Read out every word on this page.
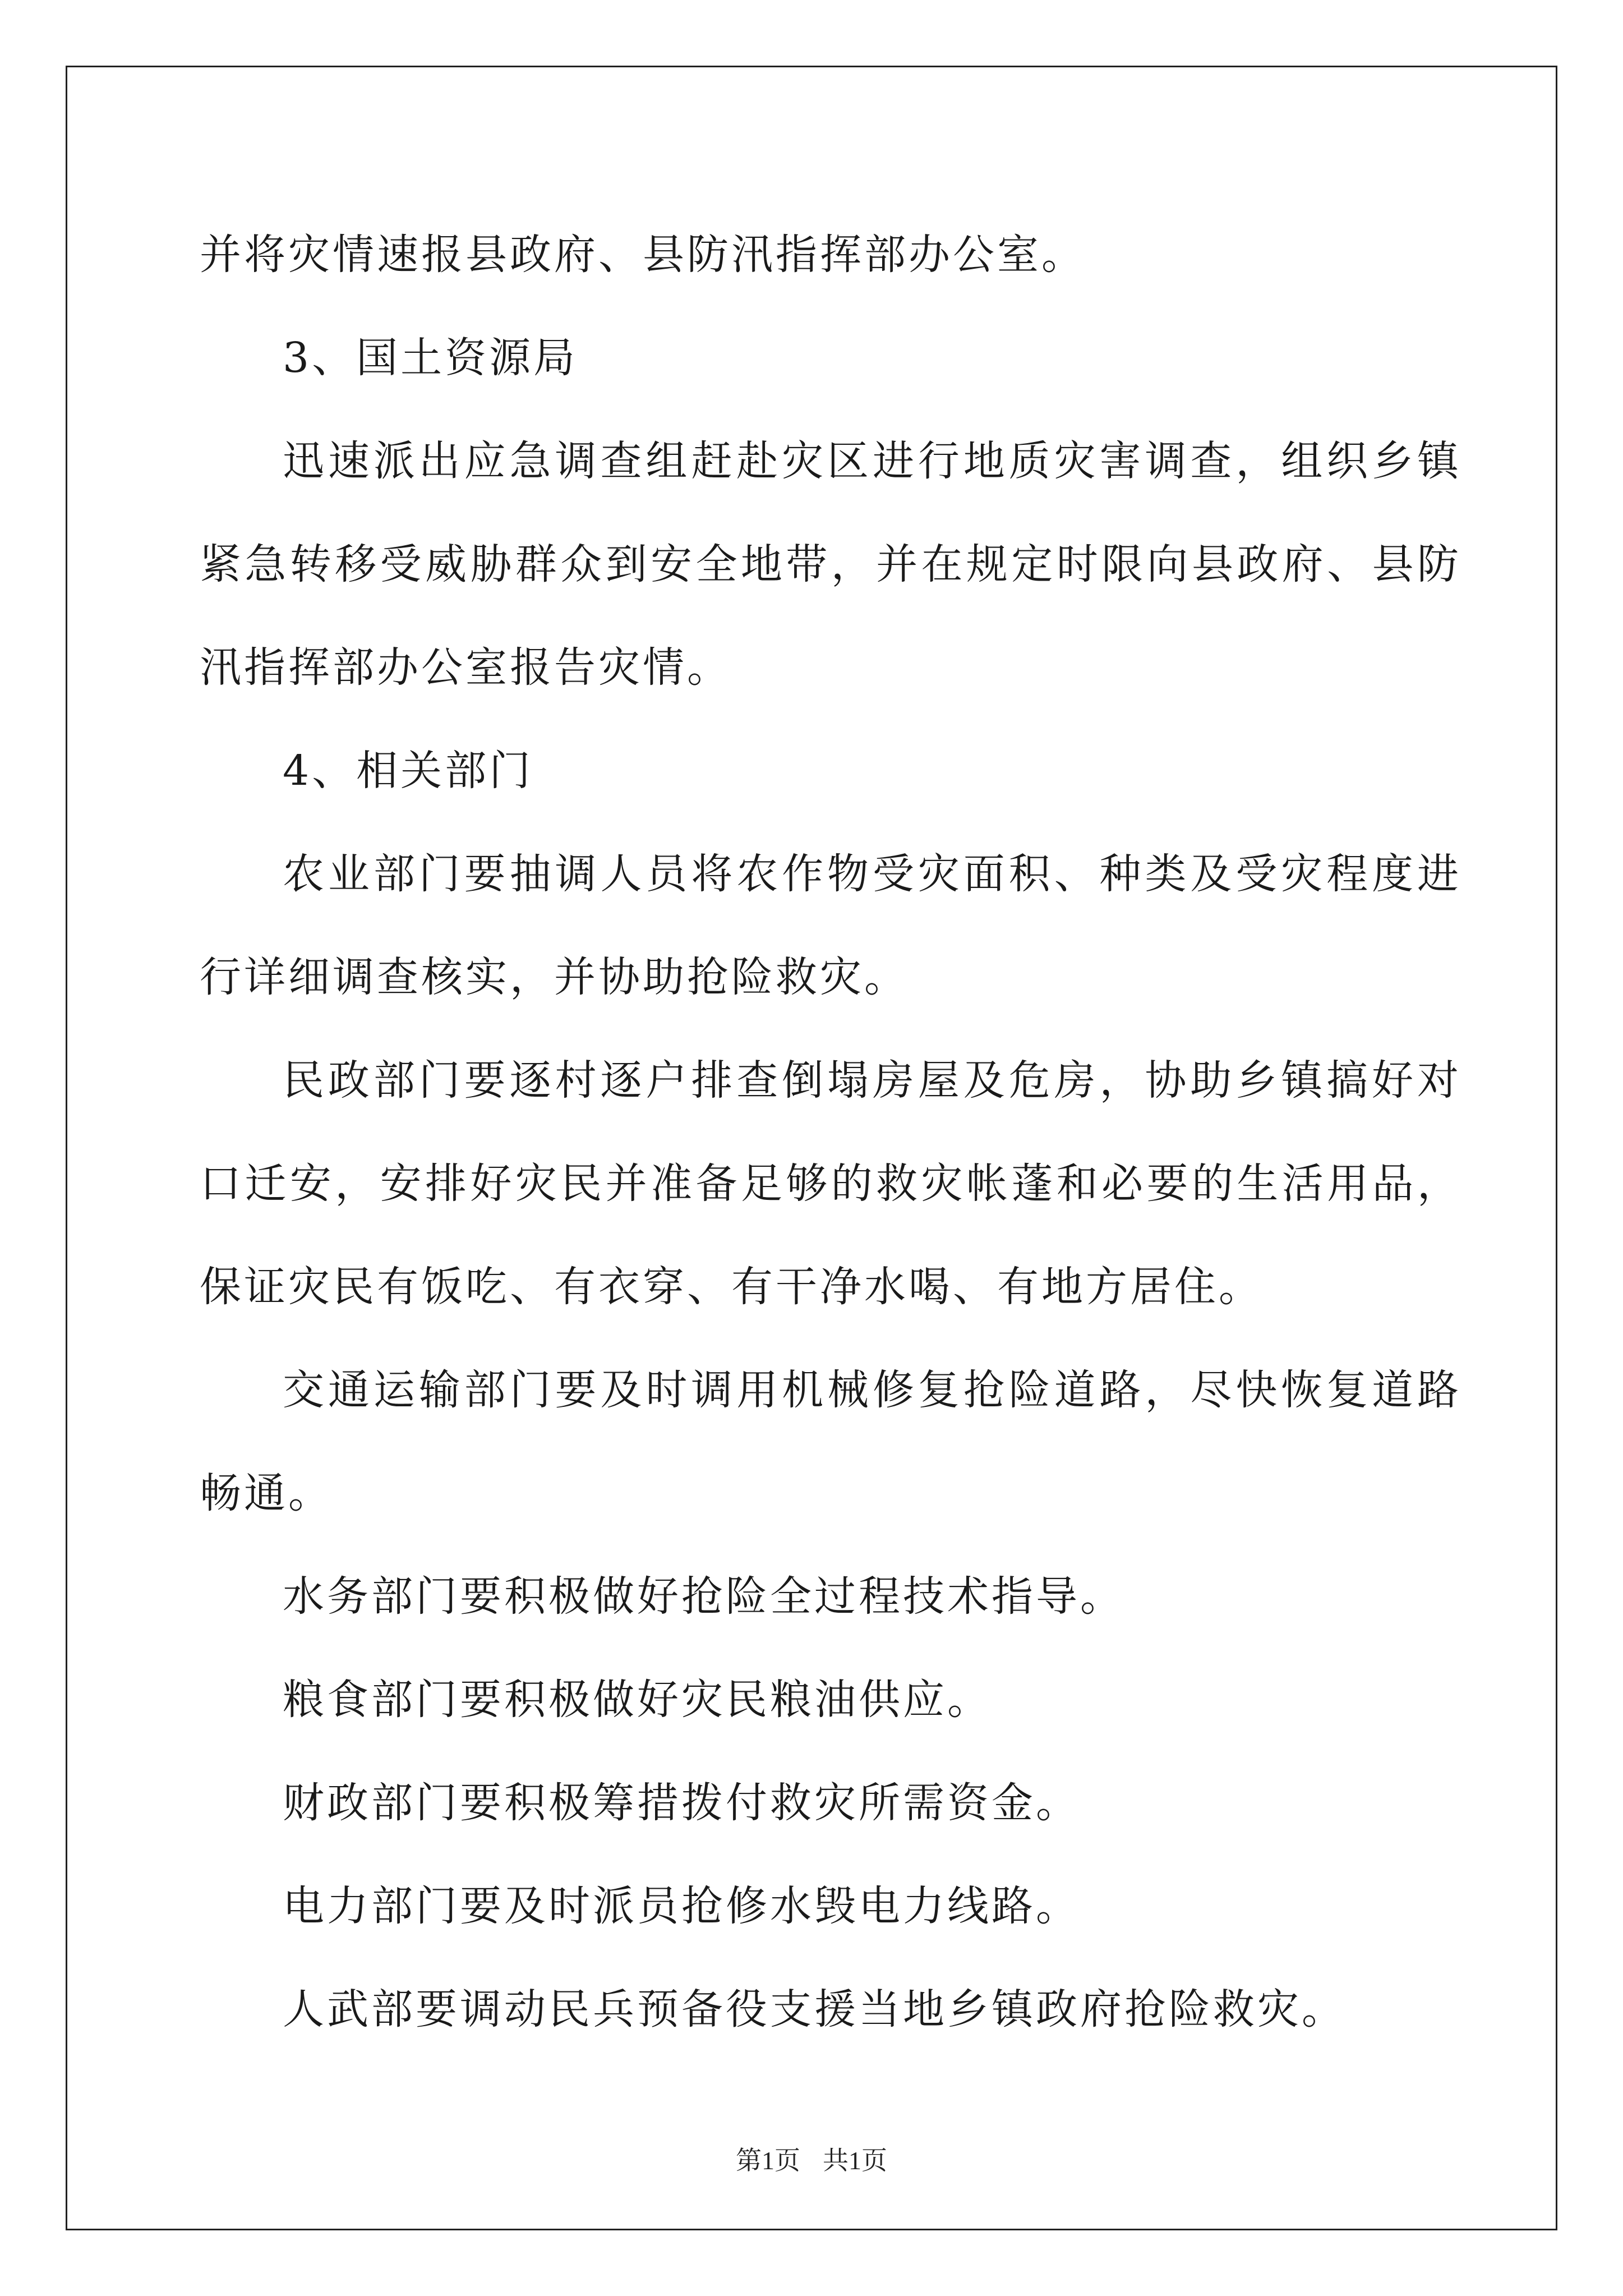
并将灾情速报县政府、县防汛指挥部办公室。

3、国土资源局

迅速派出应急调查组赶赴灾区进行地质灾害调查，组织乡镇紧急转移受威胁群众到安全地带，并在规定时限向县政府、县防汛指挥部办公室报告灾情。

4、相关部门

农业部门要抽调人员将农作物受灾面积、种类及受灾程度进行详细调查核实，并协助抢险救灾。

民政部门要逐村逐户排查倒塌房屋及危房，协助乡镇搞好对口迁安，安排好灾民并准备足够的救灾帐蓬和必要的生活用品，保证灾民有饭吃、有衣穿、有干净水喝、有地方居住。

交通运输部门要及时调用机械修复抢险道路，尽快恢复道路畅通。

水务部门要积极做好抢险全过程技术指导。

粮食部门要积极做好灾民粮油供应。

财政部门要积极筹措拨付救灾所需资金。

电力部门要及时派员抢修水毁电力线路。

人武部要调动民兵预备役支援当地乡镇政府抢险救灾。

第1页 共1页
